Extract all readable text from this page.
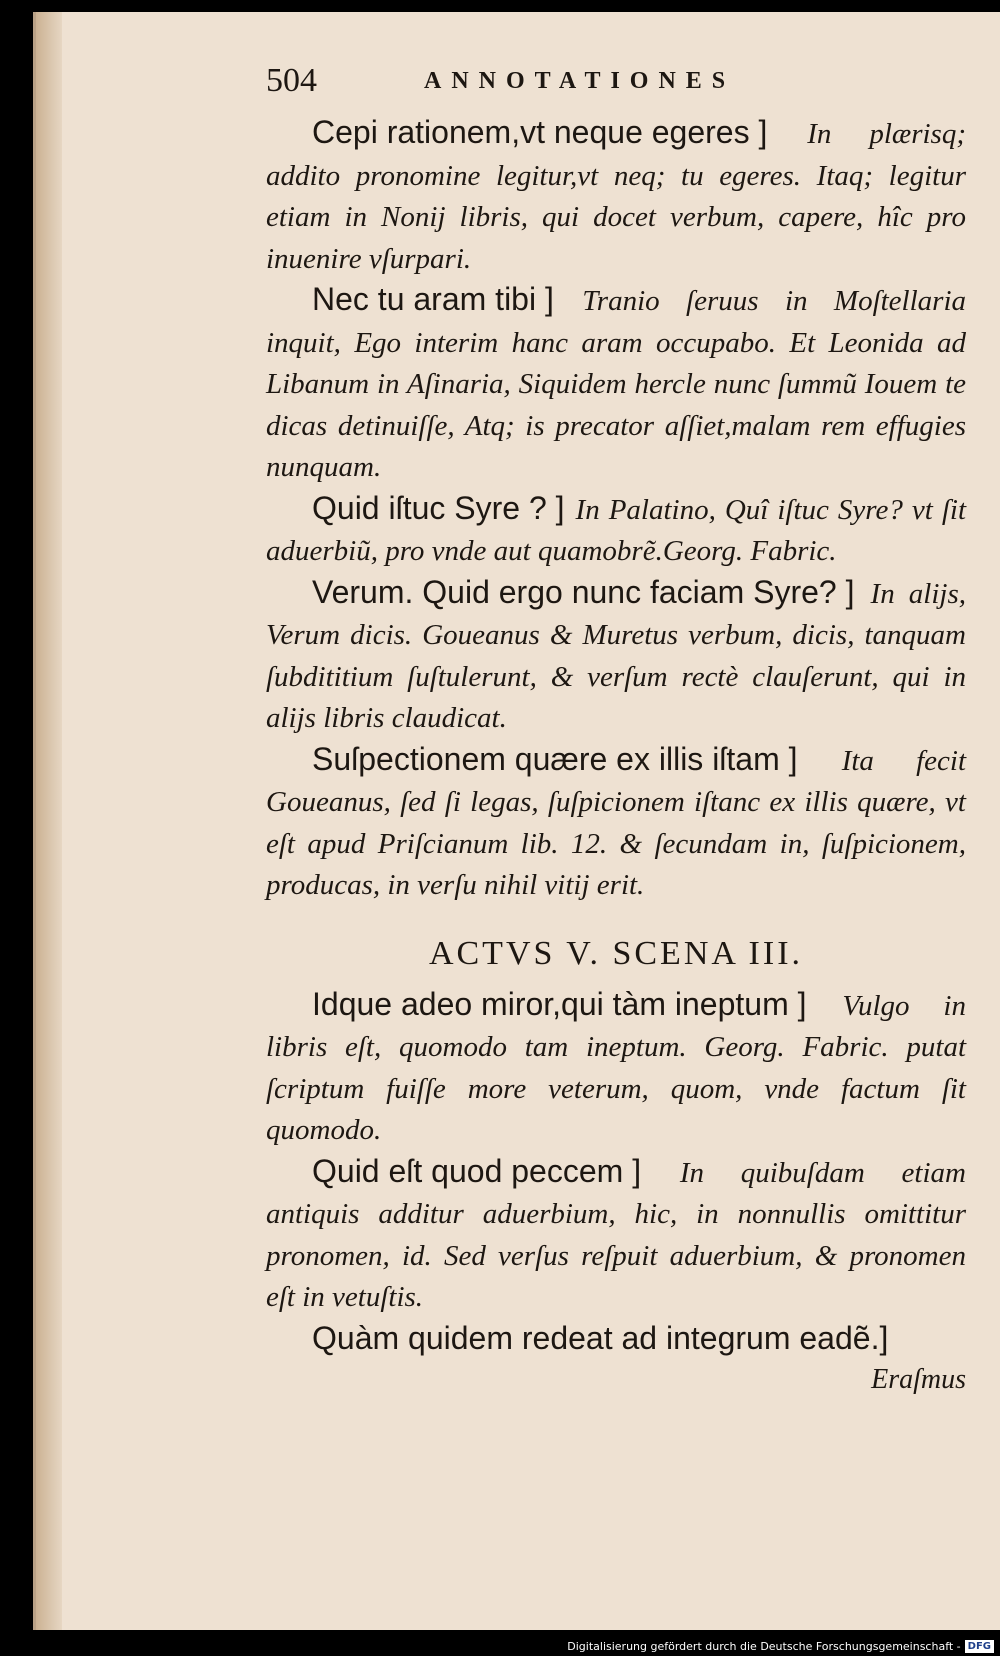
504	ANNOTATIONES

Cepi rationem,vt neque egeres ] In plærisq; addito pronomine legitur,vt neq; tu egeres. Itaq; legitur etiam in Nonij libris, qui docet verbum, capere, hîc pro inuenire vſurpari.

Nec tu aram tibi ] Tranio ſeruus in Moſtellaria inquit, Ego interim hanc aram occupabo. Et Leonida ad Libanum in Aſinaria, Siquidem hercle nunc ſummũ Iouem te dicas detinuiſſe, Atq; is precator aſſiet,malam rem effugies nunquam.

Quid iſtuc Syre ? ] In Palatino, Quî iſtuc Syre? vt ſit aduerbiũ, pro vnde aut quamobrẽ.Georg. Fabric.

Verum. Quid ergo nunc faciam Syre? ] In alijs, Verum dicis. Goueanus & Muretus verbum, dicis, tanquam ſubdititium ſuſtulerunt, & verſum rectè clauſerunt, qui in alijs libris claudicat.

Suſpectionem quære ex illis iſtam ] Ita fecit Goueanus, ſed ſi legas, ſuſpicionem iſtanc ex illis quære, vt eſt apud Priſcianum lib. 12. & ſecundam in, ſuſpicionem, producas, in verſu nihil vitij erit.

ACTVS V. SCENA III.

Idque adeo miror,qui tàm ineptum ] Vulgo in libris eſt, quomodo tam ineptum. Georg. Fabric. putat ſcriptum fuiſſe more veterum, quom, vnde factum ſit quomodo.

Quid eſt quod peccem ] In quibuſdam etiam antiquis additur aduerbium, hic, in nonnullis omittitur pronomen, id. Sed verſus reſpuit aduerbium, & pronomen eſt in vetuſtis.

Quàm quidem redeat ad integrum eadẽ.]

Eraſmus
Digitalisierung gefördert durch die Deutsche Forschungsgemeinschaft - DFG
